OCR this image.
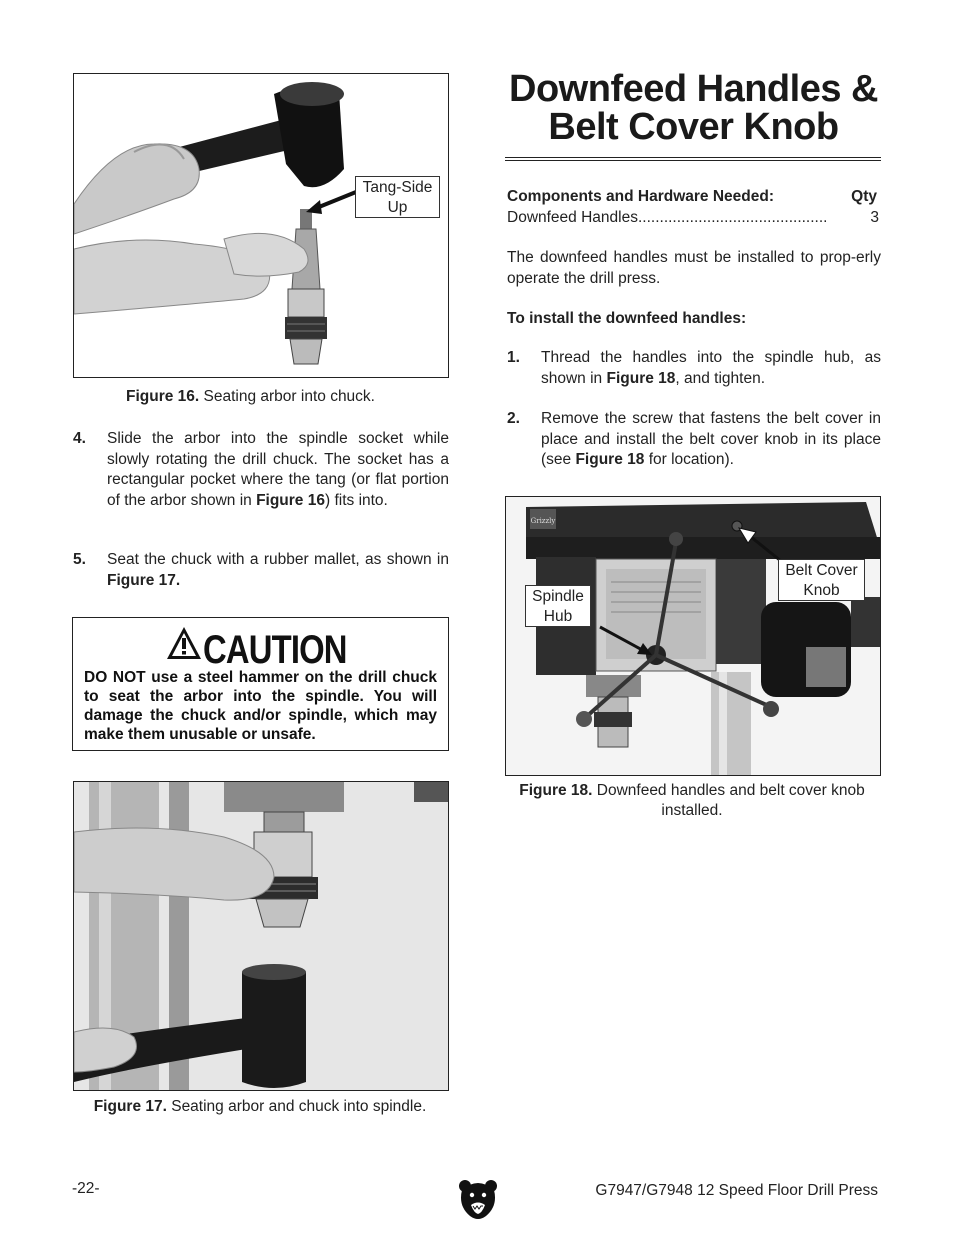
Tang-Side Up
Figure 16. Seating arbor into chuck.
4. Slide the arbor into the spindle socket while slowly rotating the drill chuck. The socket has a rectangular pocket where the tang (or flat portion of the arbor shown in Figure 16) fits into.
5. Seat the chuck with a rubber mallet, as shown in Figure 17.
CAUTION
DO NOT use a steel hammer on the drill chuck to seat the arbor into the spindle. You will damage the chuck and/or spindle, which may make them unusable or unsafe.
Figure 17. Seating arbor and chuck into spindle.
Downfeed Handles &
Belt Cover Knob
Components and Hardware Needed:	Qty
Downfeed Handles............................................	3
The downfeed handles must be installed to prop-erly operate the drill press.
To install the downfeed handles:
1. Thread the handles into the spindle hub, as shown in Figure 18, and tighten.
2. Remove the screw that fastens the belt cover in place and install the belt cover knob in its place (see Figure 18 for location).
Grizzly
Spindle Hub
Belt Cover Knob
Figure 18. Downfeed handles and belt cover knob installed.
-22-	G7947/G7948 12 Speed Floor Drill Press
